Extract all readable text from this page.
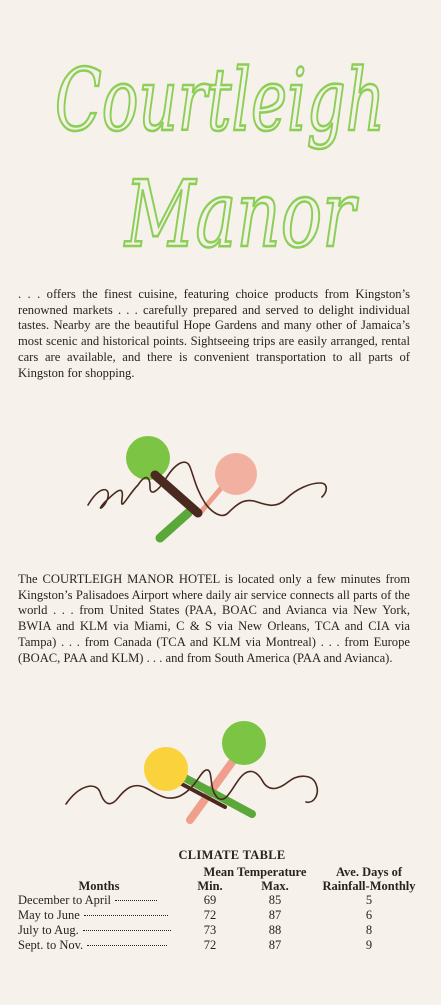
Courtleigh
Manor

. . . offers the finest cuisine, featuring choice products from Kingston’s renowned markets . . . carefully prepared and served to delight individual tastes. Nearby are the beautiful Hope Gardens and many other of Jamaica’s most scenic and historical points. Sightseeing trips are easily arranged, rental cars are available, and there is convenient transportation to all parts of Kingston for shopping.

The COURTLEIGH MANOR HOTEL is located only a few minutes from Kingston’s Palisadoes Airport where daily air service connects all parts of the world . . . from United States (PAA, BOAC and Avianca via New York, BWIA and KLM via Miami, C & S via New Orleans, TCA and CIA via Tampa) . . . from Canada (TCA and KLM via Montreal) . . . from Europe (BOAC, PAA and KLM) . . . and from South America (PAA and Avianca).

CLIMATE TABLE
	Mean Temperature		Ave. Days of
Months	Min.	Max.	Rainfall-Monthly
December to April	69	85	5
May to June	72	87	6
July to Aug.	73	88	8
Sept. to Nov.	72	87	9
